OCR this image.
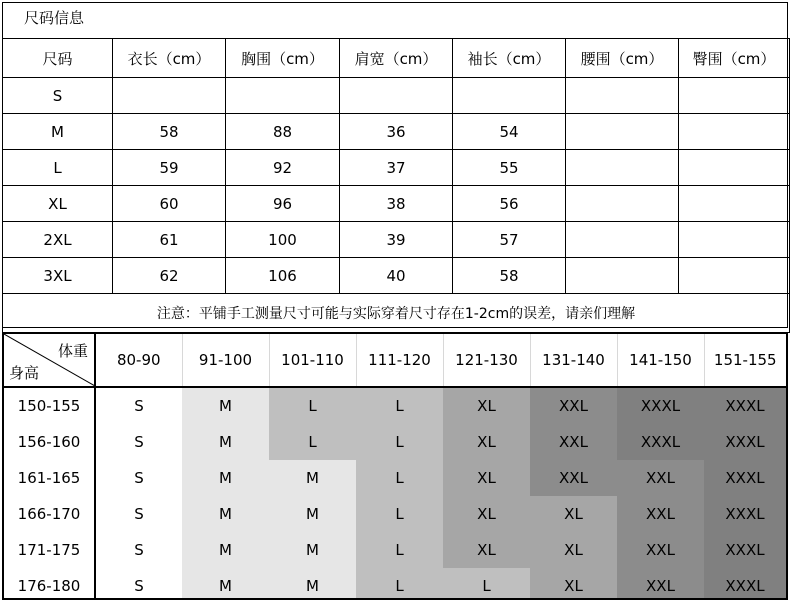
尺码信息
尺码	衣长（cm）	胸围（cm）	肩宽（cm）	袖长（cm）	腰围（cm）	臀围（cm）
S						
M	58	88	36	54		
L	59	92	37	55		
XL	60	96	38	56		
2XL	61	100	39	57		
3XL	62	106	40	58		
注意：平铺手工测量尺寸可能与实际穿着尺寸存在1-2cm的误差，请亲们理解						
体重
身高	80-90	91-100	101-110	111-120	121-130	131-140	141-150	151-155
150-155	S	M	L	L	XL	XXL	XXXL	XXXL
156-160	S	M	L	L	XL	XXL	XXXL	XXXL
161-165	S	M	M	L	XL	XXL	XXL	XXXL
166-170	S	M	M	L	XL	XL	XXL	XXXL
171-175	S	M	M	L	XL	XL	XXL	XXXL
176-180	S	M	M	L	L	XL	XXL	XXXL
